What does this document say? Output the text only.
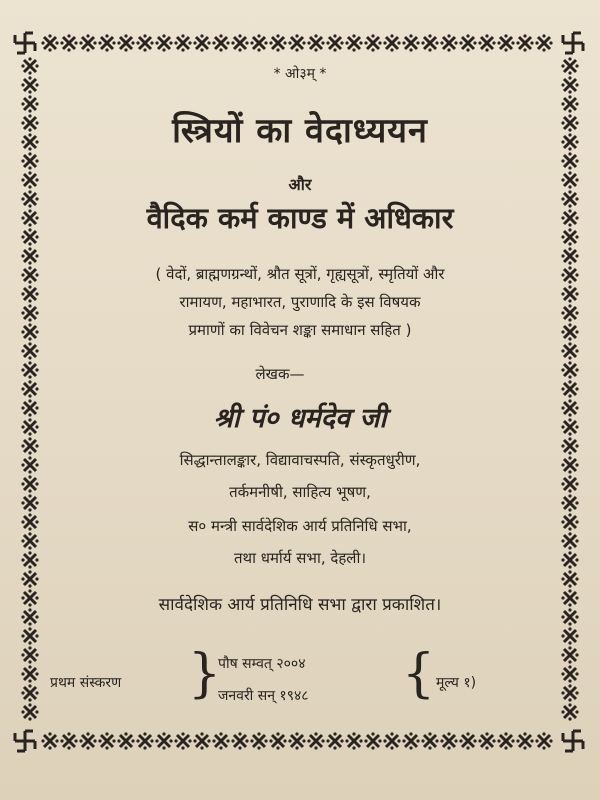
* ओ३म् *
स्त्रियों का वेदाध्ययन
और
वैदिक कर्म काण्ड में अधिकार
( वेदों, ब्राह्मणग्रन्थों, श्रौत सूत्रों, गृह्यसूत्रों, स्मृतियों और
रामायण, महाभारत, पुराणादि के इस विषयक
प्रमाणों का विवेचन शङ्का समाधान सहित )
लेखक—
श्री पं० धर्मदेव जी
सिद्धान्तालङ्कार, विद्यावाचस्पति, संस्कृतधुरीण,
तर्कमनीषी, साहित्य भूषण,
स० मन्त्री सार्वदेशिक आर्य प्रतिनिधि सभा,
तथा धर्मार्य सभा, देहली।
सार्वदेशिक आर्य प्रतिनिधि सभा द्वारा प्रकाशित।
प्रथम संस्करण }
पौष सम्वत् २००४
जनवरी सन् १९४८ { मूल्य १)
